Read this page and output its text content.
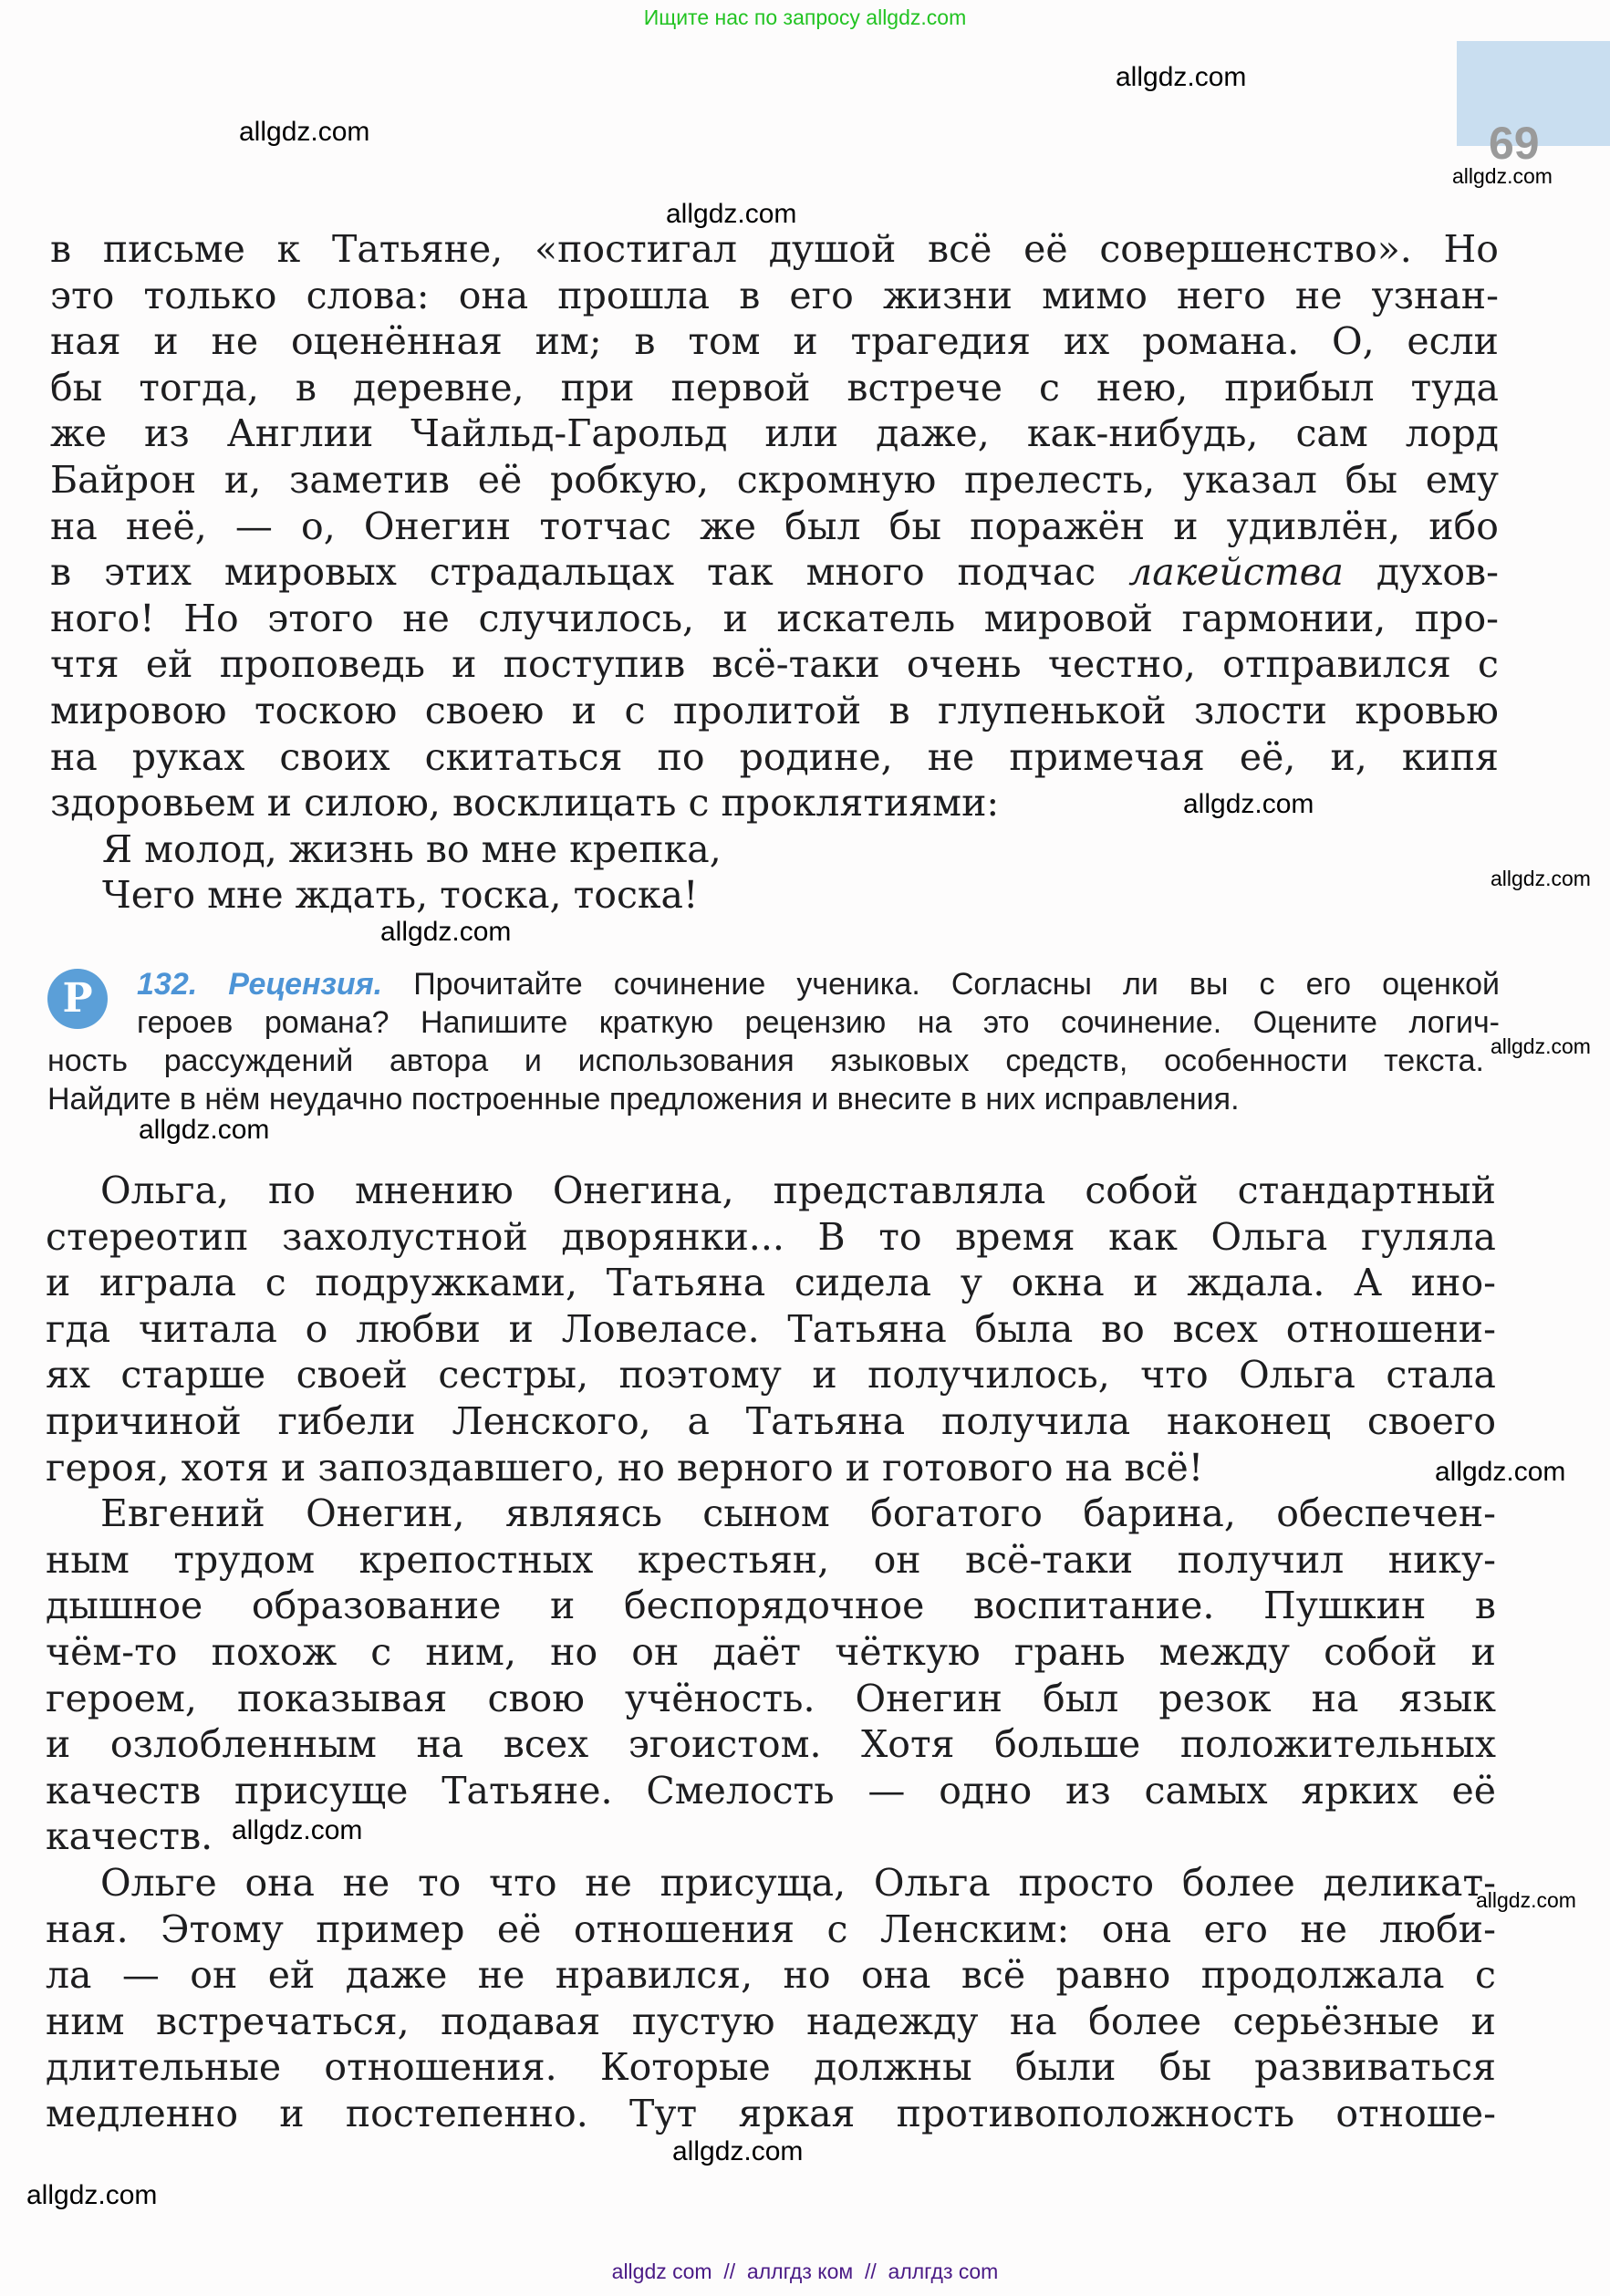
Ищите нас по запросу allgdz.com
69
в письме к Татьяне, «постигал душой всё её совершенство». Но
это только слова: она прошла в его жизни мимо него не узнан-
ная и не оценённая им; в том и трагедия их романа. О, если
бы тогда, в деревне, при первой встрече с нею, прибыл туда
же из Англии Чайльд-Гарольд или даже, как-нибудь, сам лорд
Байрон и, заметив её робкую, скромную прелесть, указал бы ему
на неё, — о, Онегин тотчас же был бы поражён и удивлён, ибо
в этих мировых страдальцах так много подчас лакейства духов-
ного! Но этого не случилось, и искатель мировой гармонии, про-
чтя ей проповедь и поступив всё-таки очень честно, отправился с
мировою тоскою своею и с пролитой в глупенькой злости кровью
на руках своих скитаться по родине, не примечая её, и, кипя
здоровьем и силою, восклицать с проклятиями:
Я молод, жизнь во мне крепка,
Чего мне ждать, тоска, тоска!
Ольга, по мнению Онегина, представляла собой стандартный
стереотип захолустной дворянки... В то время как Ольга гуляла
и играла с подружками, Татьяна сидела у окна и ждала. А ино-
гда читала о любви и Ловеласе. Татьяна была во всех отношени-
ях старше своей сестры, поэтому и получилось, что Ольга стала
причиной гибели Ленского, а Татьяна получила наконец своего
героя, хотя и запоздавшего, но верного и готового на всё!
Евгений Онегин, являясь сыном богатого барина, обеспечен-
ным трудом крепостных крестьян, он всё-таки получил нику-
дышное образование и беспорядочное воспитание. Пушкин в
чём-то похож с ним, но он даёт чёткую грань между собой и
героем, показывая свою учёность. Онегин был резок на язык
и озлобленным на всех эгоистом. Хотя больше положительных
качеств присуще Татьяне. Смелость — одно из самых ярких её
качеств.
Ольге она не то что не присуща, Ольга просто более деликат-
ная. Этому пример её отношения с Ленским: она его не люби-
ла — он ей даже не нравился, но она всё равно продолжала с
ним встречаться, подавая пустую надежду на более серьёзные и
длительные отношения. Которые должны были бы развиваться
медленно и постепенно. Тут яркая противоположность отноше-
Р	132. Рецензия. Прочитайте сочинение ученика. Согласны ли вы с его оценкой
героев романа? Напишите краткую рецензию на это сочинение. Оцените логич-
ность рассуждений автора и использования языковых средств, особенности текста.
Найдите в нём неудачно построенные предложения и внесите в них исправления.
allgdz com  //  аллгдз ком  //  аллгдз com
allgdz.com
allgdz.com
allgdz.com
allgdz.com
allgdz.com
allgdz.com
allgdz.com
allgdz.com
allgdz.com
allgdz.com
allgdz.com
allgdz.com
allgdz.com
allgdz.com
